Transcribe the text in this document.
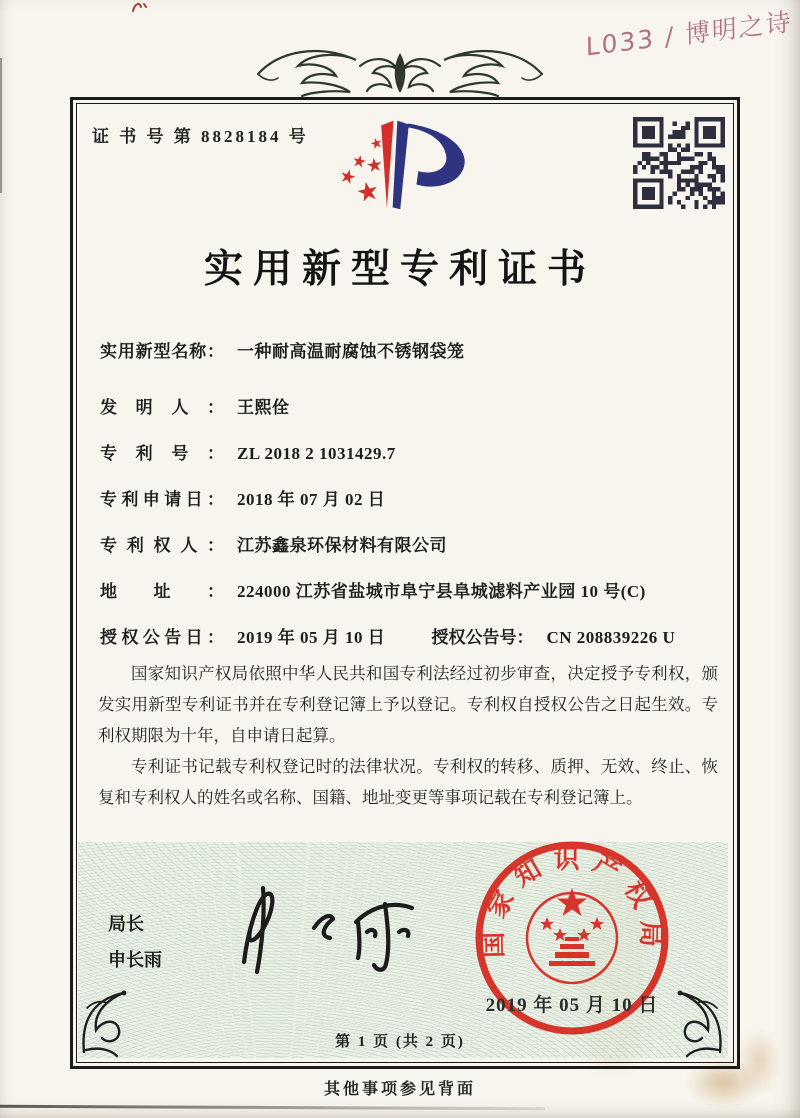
L033 / 博明之诗
证 书 号 第 8828184 号
实用新型专利证书
实用新型名称： 一种耐高温耐腐蚀不锈钢袋笼
发明人： 王熙佺
专利号： ZL 2018 2 1031429.7
专利申请日： 2018 年 07 月 02 日
专利权人： 江苏鑫泉环保材料有限公司
地址： 224000 江苏省盐城市阜宁县阜城滤料产业园 10 号(C)
授权公告日： 2019 年 05 月 10 日	授权公告号： CN 208839226 U

国家知识产权局依照中华人民共和国专利法经过初步审查，决定授予专利权，颁发实用新型专利证书并在专利登记簿上予以登记。专利权自授权公告之日起生效。专利权期限为十年，自申请日起算。

专利证书记载专利权登记时的法律状况。专利权的转移、质押、无效、终止、恢复和专利权人的姓名或名称、国籍、地址变更等事项记载在专利登记簿上。

局长
申长雨
国家知识产权局
2019 年 05 月 10 日
第 1 页 (共 2 页)
其他事项参见背面
